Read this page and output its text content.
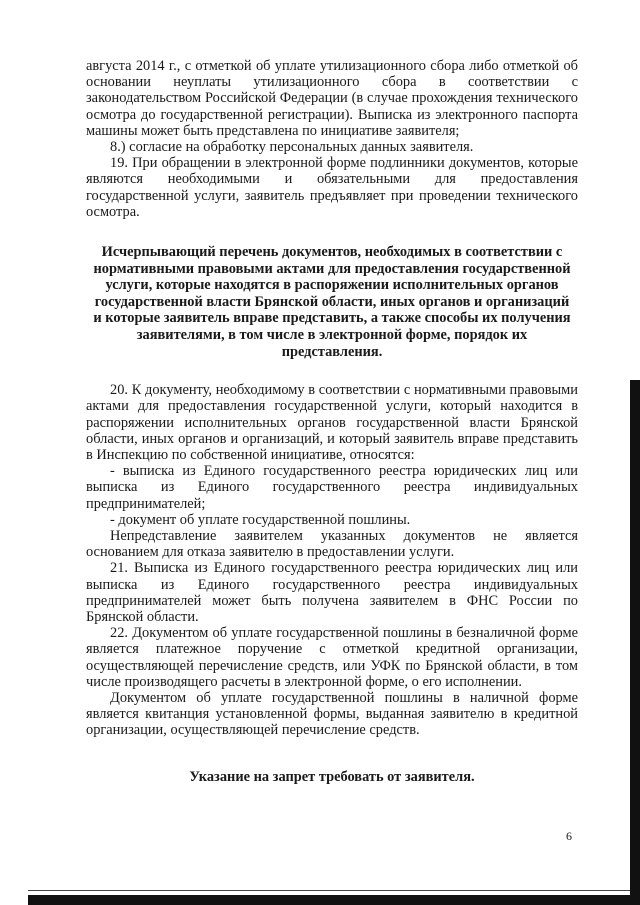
августа 2014 г., с отметкой об уплате утилизационного сбора либо отметкой об основании неуплаты утилизационного сбора в соответствии с законодательством Российской Федерации (в случае прохождения технического осмотра до государственной регистрации). Выписка из электронного паспорта машины может быть представлена по инициативе заявителя;

8.) согласие на обработку персональных данных заявителя.

19. При обращении в электронной форме подлинники документов, которые являются необходимыми и обязательными для предоставления государственной услуги, заявитель предъявляет при проведении технического осмотра.

Исчерпывающий перечень документов, необходимых в соответствии с нормативными правовыми актами для предоставления государственной услуги, которые находятся в распоряжении исполнительных органов государственной власти Брянской области, иных органов и организаций и которые заявитель вправе представить, а также способы их получения заявителями, в том числе в электронной форме, порядок их представления.

20. К документу, необходимому в соответствии с нормативными правовыми актами для предоставления государственной услуги, который находится в распоряжении исполнительных органов государственной власти Брянской области, иных органов и организаций, и который заявитель вправе представить в Инспекцию по собственной инициативе, относятся:

- выписка из Единого государственного реестра юридических лиц или выписка из Единого государственного реестра индивидуальных предпринимателей;

- документ об уплате государственной пошлины.

Непредставление заявителем указанных документов не является основанием для отказа заявителю в предоставлении услуги.

21. Выписка из Единого государственного реестра юридических лиц или выписка из Единого государственного реестра индивидуальных предпринимателей может быть получена заявителем в ФНС России по Брянской области.

22. Документом об уплате государственной пошлины в безналичной форме является платежное поручение с отметкой кредитной организации, осуществляющей перечисление средств, или УФК по Брянской области, в том числе производящего расчеты в электронной форме, о его исполнении.

Документом об уплате государственной пошлины в наличной форме является квитанция установленной формы, выданная заявителю в кредитной организации, осуществляющей перечисление средств.

Указание на запрет требовать от заявителя.

6
